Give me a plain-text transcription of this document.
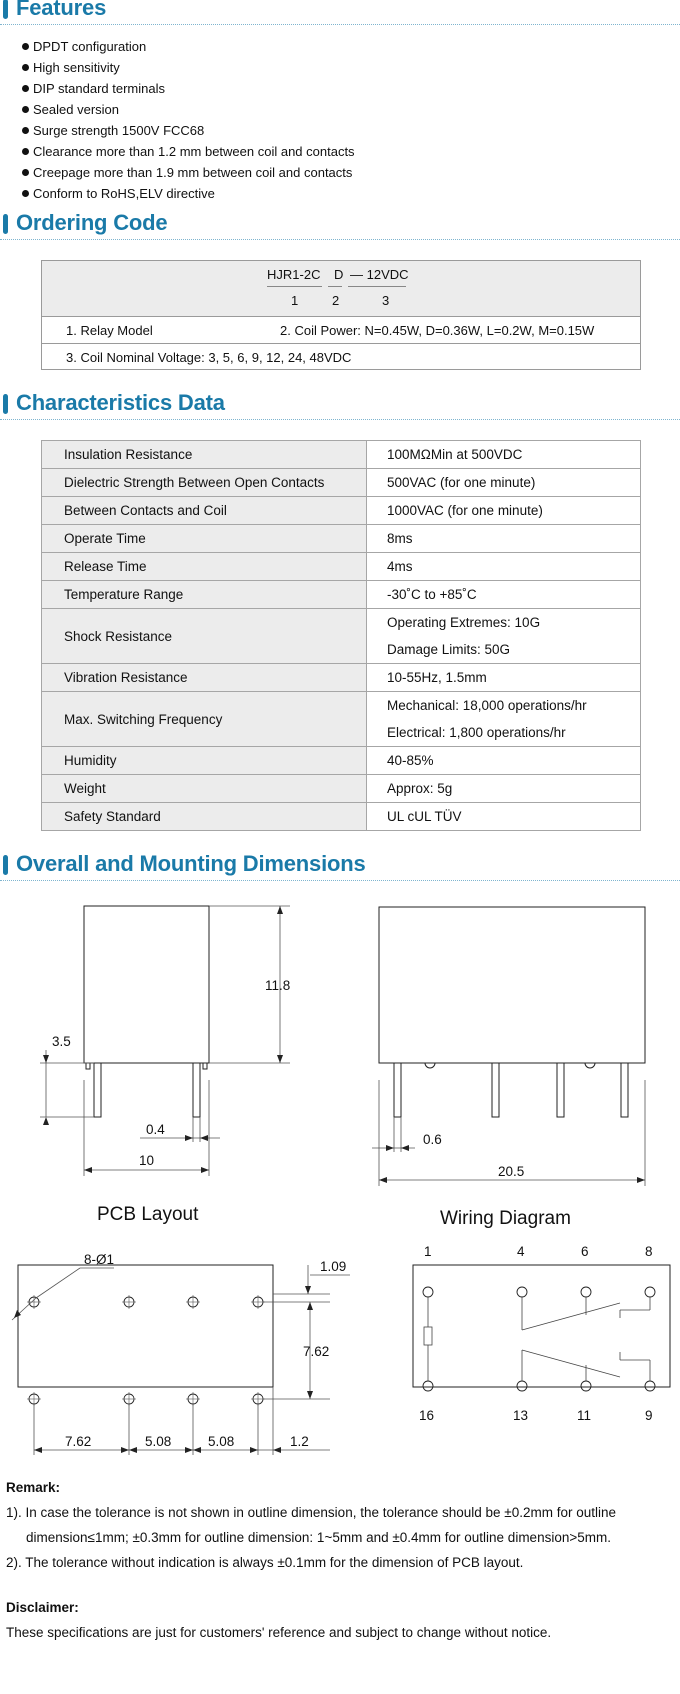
Features
DPDT configuration
High sensitivity
DIP standard terminals
Sealed version
Surge strength 1500V FCC68
Clearance more than 1.2 mm between coil and contacts
Creepage more than 1.9 mm between coil and contacts
Conform to RoHS,ELV directive
Ordering Code
HJR1-2C D — 12VDC
1	2	3
1. Relay Model	2. Coil Power: N=0.45W, D=0.36W, L=0.2W, M=0.15W
3. Coil Nominal Voltage: 3, 5, 6, 9, 12, 24, 48VDC
Characteristics Data
Insulation Resistance	100MΩMin at 500VDC

Dielectric Strength Between Open Contacts	500VAC (for one minute)

Between Contacts and Coil	1000VAC (for one minute)

Operate Time	8ms

Release Time	4ms

Temperature Range	-30˚C to +85˚C

Shock Resistance	Operating Extremes: 10G
Damage Limits: 50G

Vibration Resistance	10-55Hz, 1.5mm

Max. Switching Frequency	Mechanical: 18,000 operations/hr
Electrical: 1,800 operations/hr

Humidity	40-85%

Weight	Approx: 5g

Safety Standard	UL cUL TÜV
Overall and Mounting Dimensions
11.8
3.5
0.4
10
0.6
20.5
PCB Layout	Wiring Diagram
8-Ø1	1.09
7.62
7.62	5.08	5.08	1.2
1	4	6	8
16	13	11	9
Remark:
1). In case the tolerance is not shown in outline dimension, the tolerance should be ±0.2mm for outline
dimension≤1mm; ±0.3mm for outline dimension: 1~5mm and ±0.4mm for outline dimension>5mm.
2). The tolerance without indication is always ±0.1mm for the dimension of PCB layout.
Disclaimer:
These specifications are just for customers' reference and subject to change without notice.
